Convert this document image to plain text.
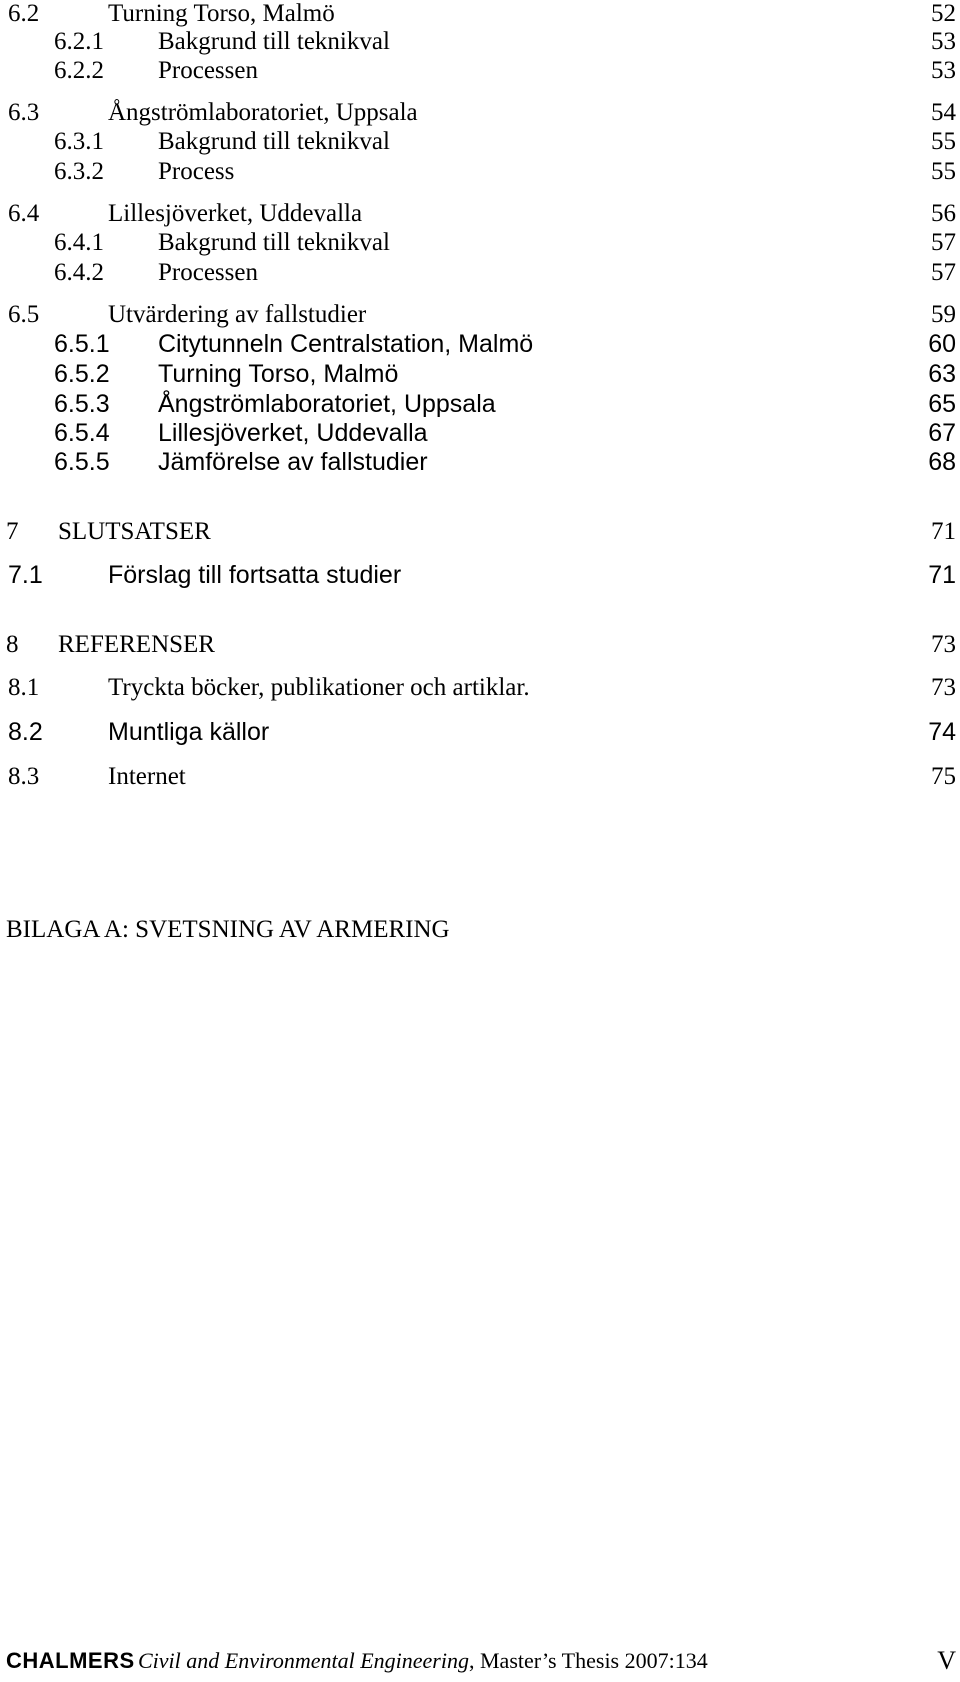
6.2	Turning Torso, Malmö	52
6.2.1 Bakgrund till teknikval	53
6.2.2 Processen	53
6.3	Ångströmlaboratoriet, Uppsala	54
6.3.1 Bakgrund till teknikval	55
6.3.2 Process	55
6.4	Lillesjöverket, Uddevalla	56
6.4.1 Bakgrund till teknikval	57
6.4.2 Processen	57
6.5	Utvärdering av fallstudier	59
6.5.1 Citytunneln Centralstation, Malmö	60
6.5.2 Turning Torso, Malmö	63
6.5.3 Ångströmlaboratoriet, Uppsala	65
6.5.4 Lillesjöverket, Uddevalla	67
6.5.5 Jämförelse av fallstudier	68
7 SLUTSATSER	71
7.1	Förslag till fortsatta studier	71
8 REFERENSER	73
8.1	Tryckta böcker, publikationer och artiklar.	73
8.2	Muntliga källor	74
8.3	Internet	75
BILAGA A: SVETSNING AV ARMERING
CHALMERS Civil and Environmental Engineering , Master’s Thesis 2007:134	V
